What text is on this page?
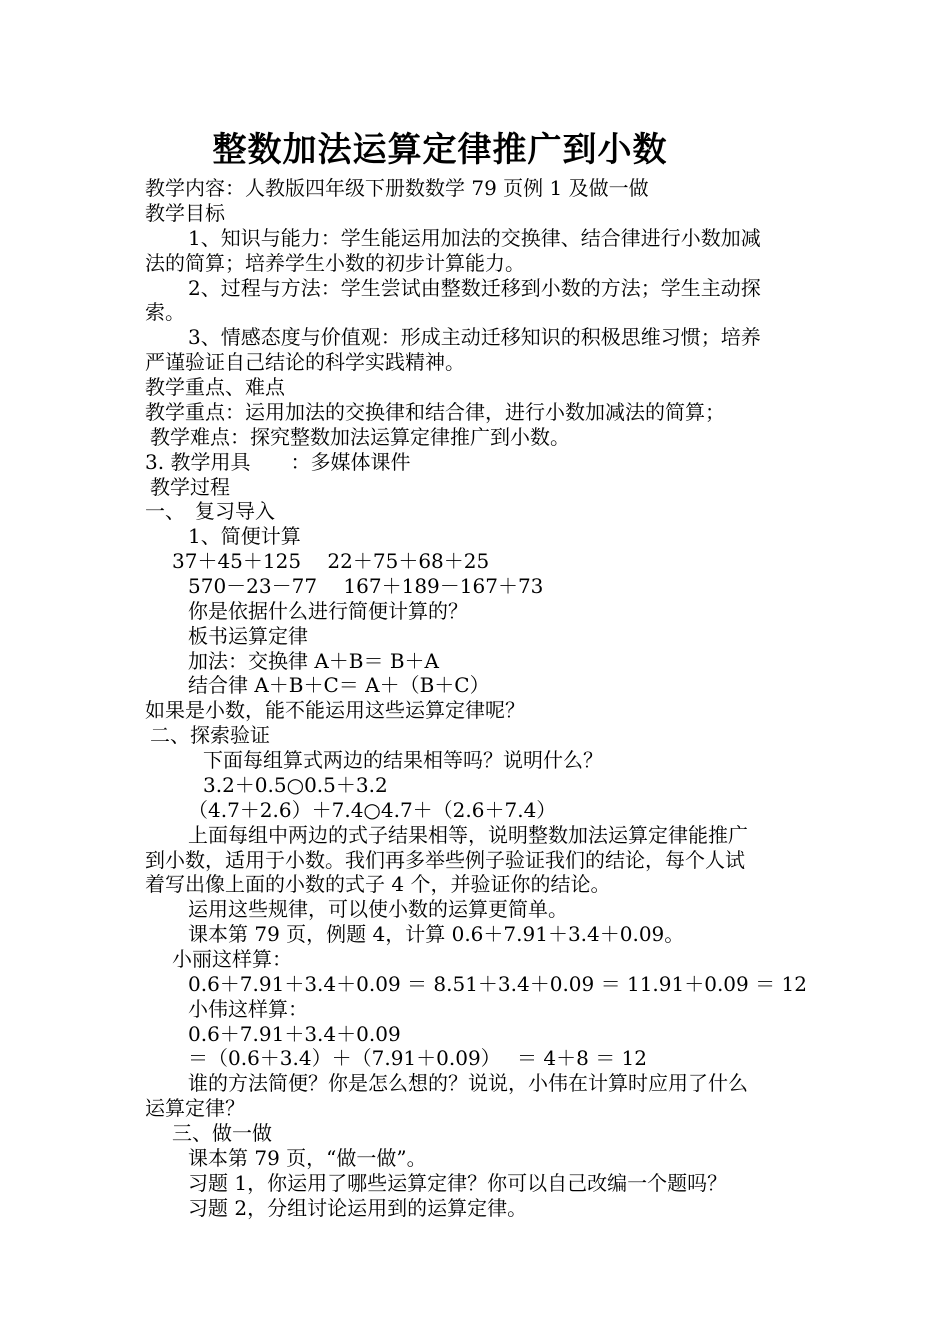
整数加法运算定律推广到小数
教学内容：人教版四年级下册数数学 79 页例 1 及做一做
教学目标
1、知识与能力：学生能运用加法的交换律、结合律进行小数加减
法的简算；培养学生小数的初步计算能力。
2、过程与方法：学生尝试由整数迁移到小数的方法；学生主动探
索。
3、情感态度与价值观：形成主动迁移知识的积极思维习惯；培养
严谨验证自己结论的科学实践精神。
教学重点、难点
教学重点：运用加法的交换律和结合律，进行小数加减法的简算；
教学难点：探究整数加法运算定律推广到小数。
3. 教学用具　　：多媒体课件
教学过程
一、　复习导入
1、简便计算
37＋45＋125　 22＋75＋68＋25
570－23－77　 167＋189－167＋73
你是依据什么进行简便计算的？
板书运算定律
加法：交换律 A＋B＝ B＋A
结合律 A＋B＋C＝ A＋（B＋C）
如果是小数，能不能运用这些运算定律呢？
二、探索验证
下面每组算式两边的结果相等吗？说明什么？
3.2＋0.5○0.5＋3.2
（4.7＋2.6）＋7.4○4.7＋（2.6＋7.4）
上面每组中两边的式子结果相等，说明整数加法运算定律能推广
到小数，适用于小数。我们再多举些例子验证我们的结论，每个人试
着写出像上面的小数的式子 4 个，并验证你的结论。
运用这些规律，可以使小数的运算更简单。
课本第 79 页，例题 4，计算 0.6＋7.91＋3.4＋0.09。
小丽这样算：
0.6＋7.91＋3.4＋0.09 ＝ 8.51＋3.4＋0.09 ＝ 11.91＋0.09 ＝ 12
小伟这样算：
0.6＋7.91＋3.4＋0.09
＝（0.6＋3.4）＋（7.91＋0.09）　 ＝ 4＋8 ＝ 12
谁的方法简便？你是怎么想的？说说，小伟在计算时应用了什么
运算定律？
三、做一做
课本第 79 页，“做一做”。
习题 1，你运用了哪些运算定律？你可以自己改编一个题吗？
习题 2，分组讨论运用到的运算定律。
